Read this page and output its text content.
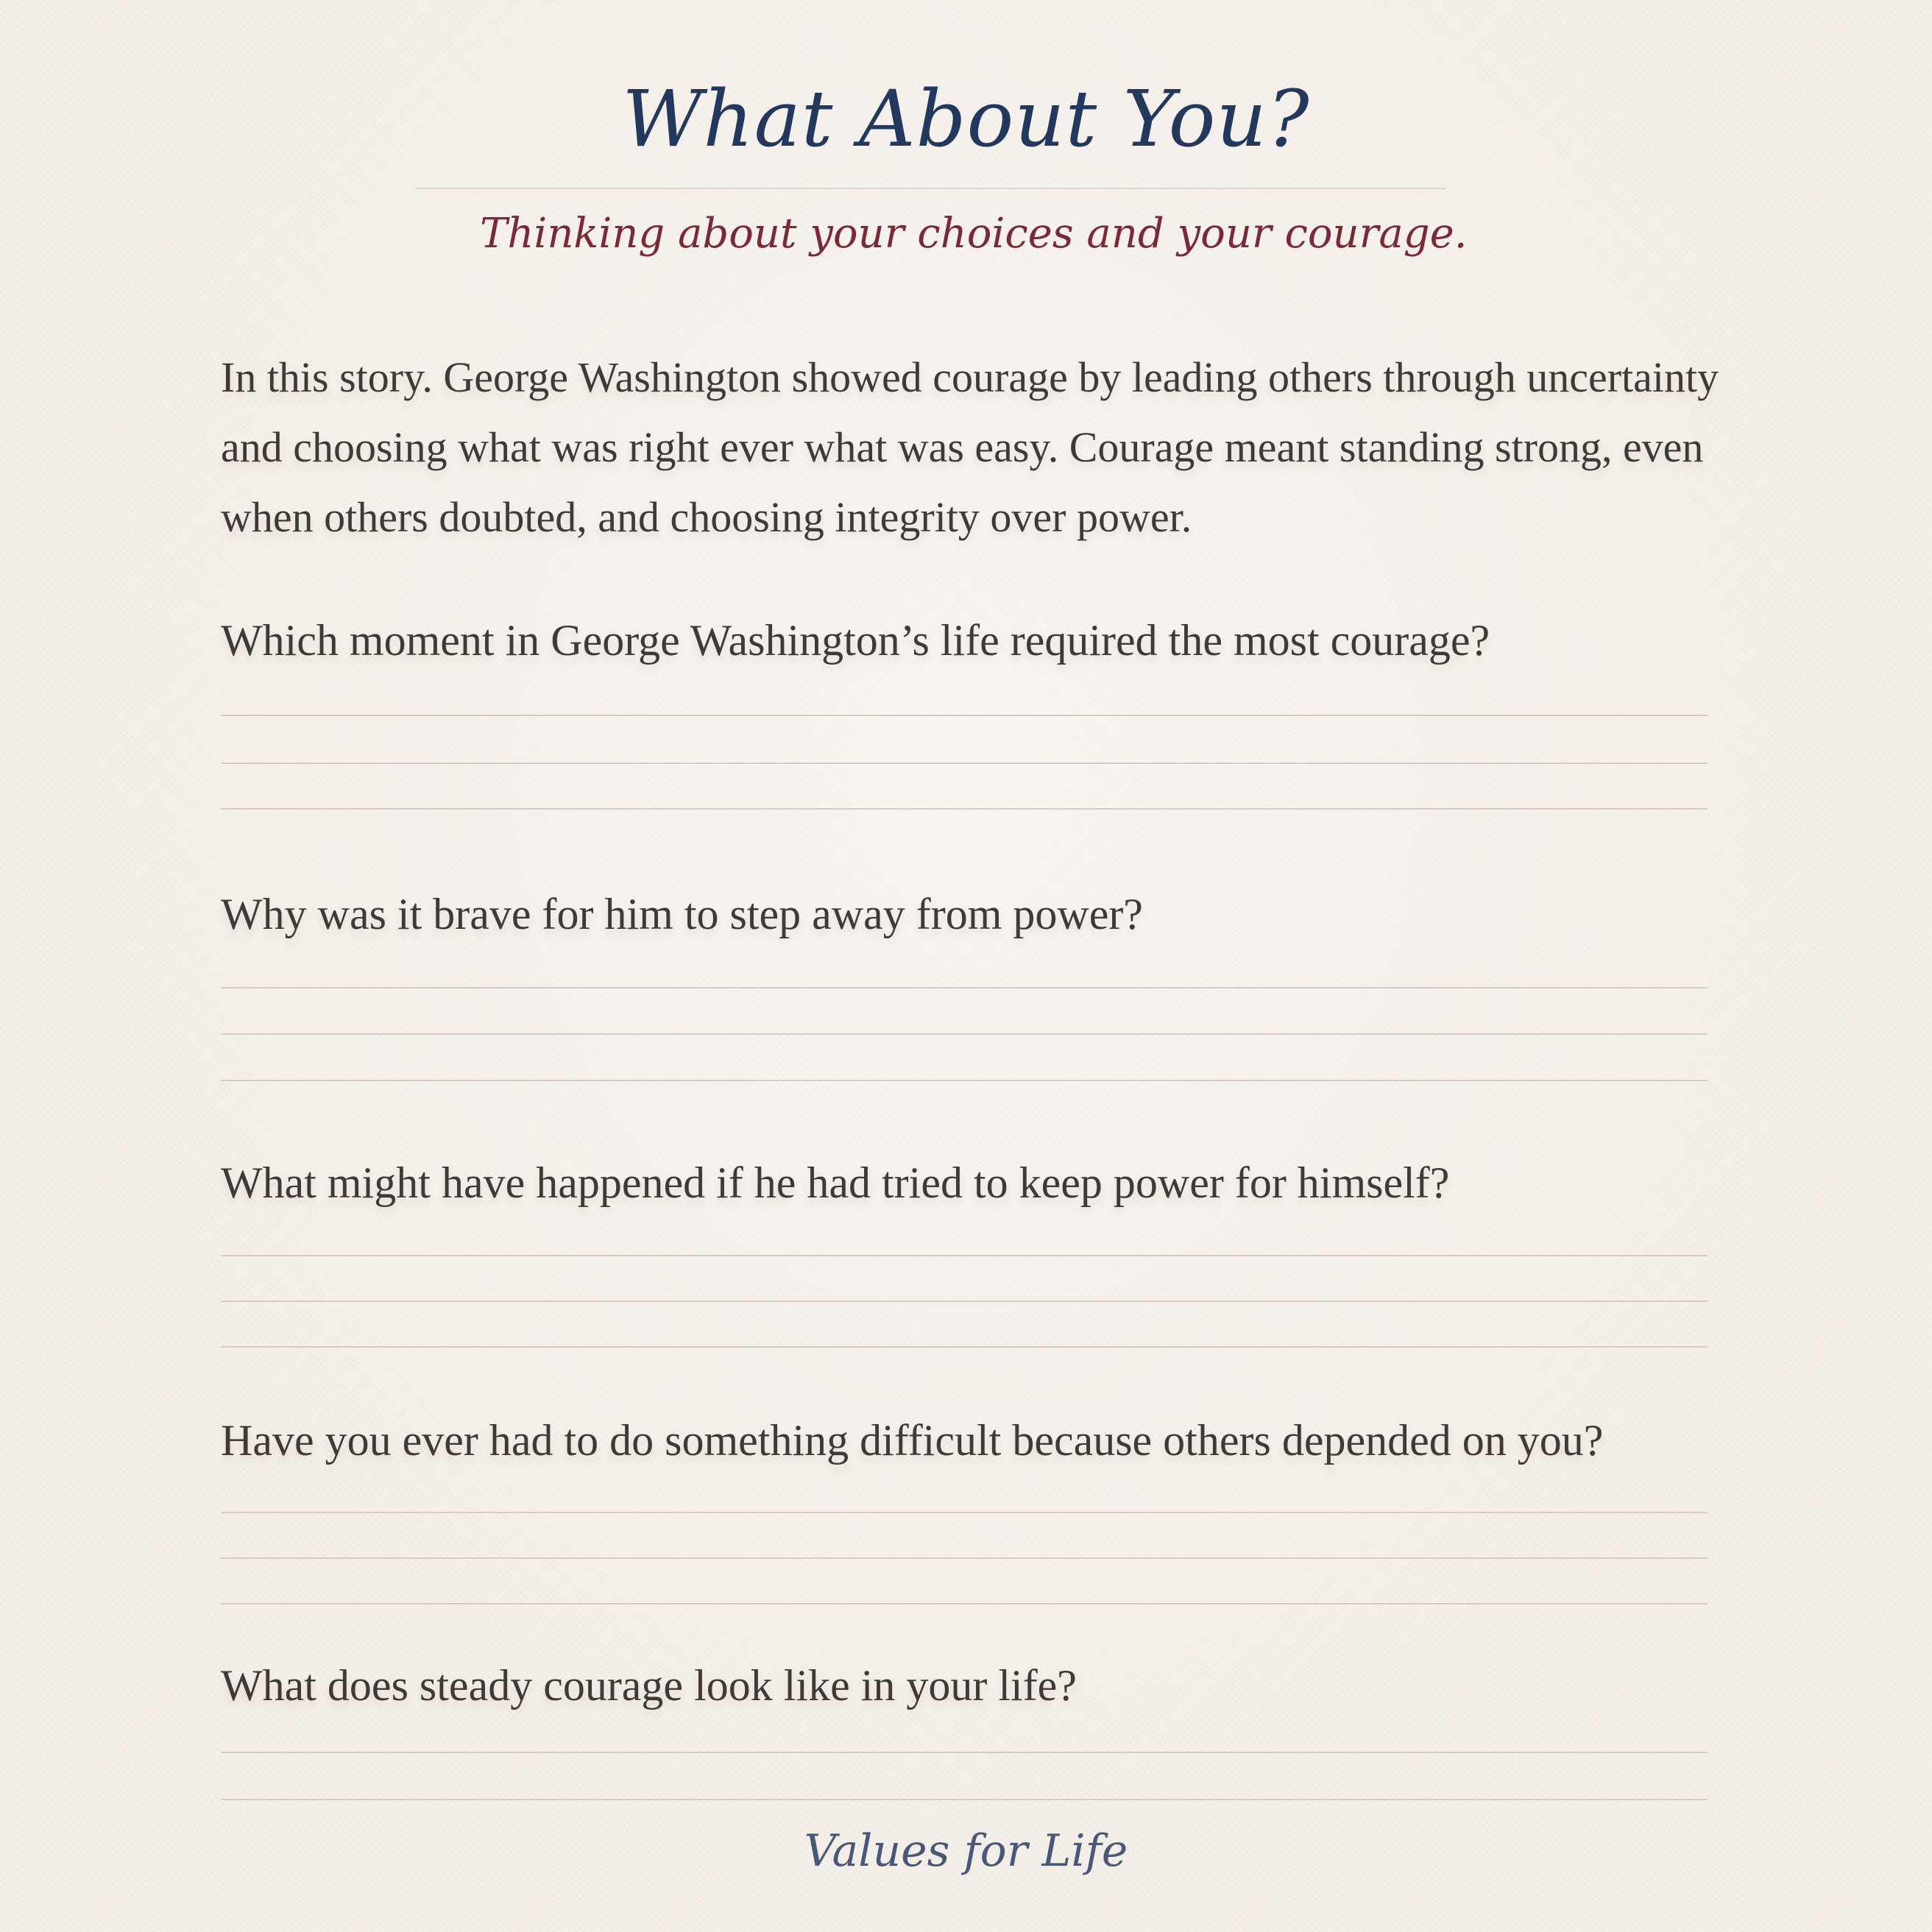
What About You?

Thinking about your choices and your courage.

In this story. George Washington showed courage by leading others through uncertainty and choosing what was right ever what was easy. Courage meant standing strong, even when others doubted, and choosing integrity over power.

Which moment in George Washington’s life required the most courage?

Why was it brave for him to step away from power?

What might have happened if he had tried to keep power for himself?

Have you ever had to do something difficult because others depended on you?

What does steady courage look like in your life?

Values for Life
